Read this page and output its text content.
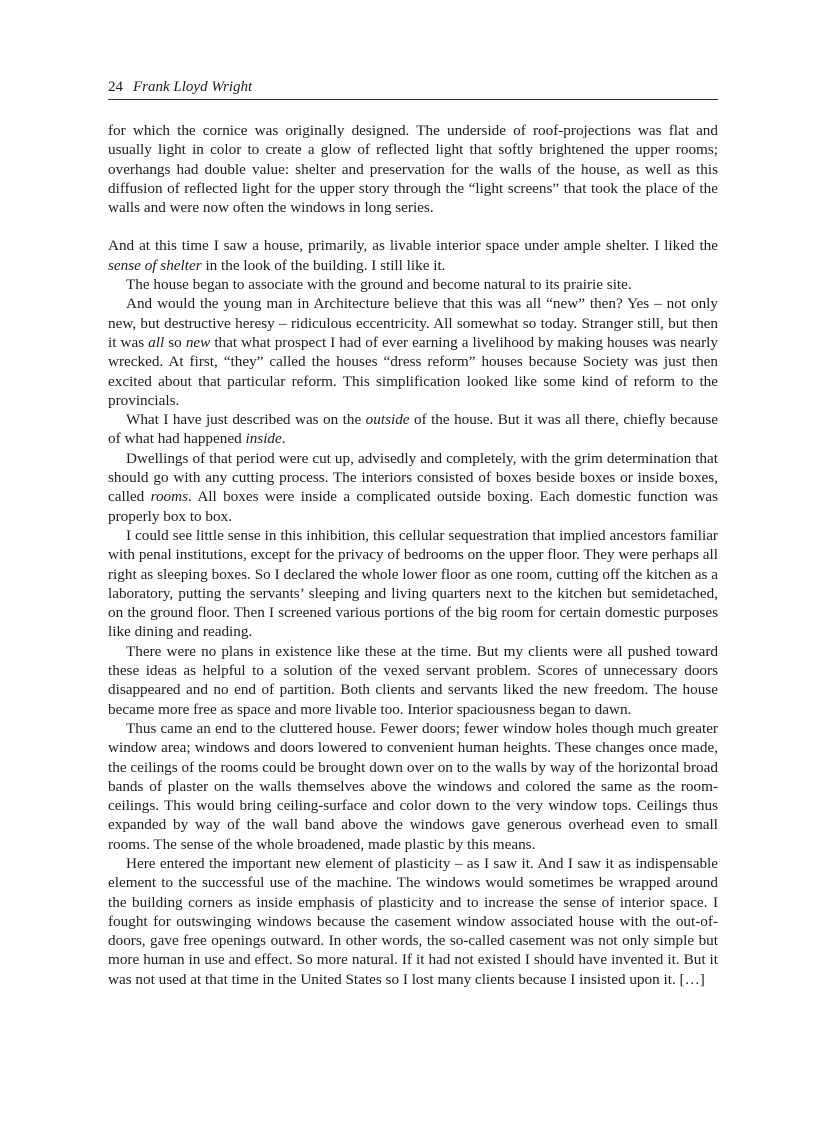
24 Frank Lloyd Wright

for which the cornice was originally designed. The underside of roof-projections was flat and usually light in color to create a glow of reflected light that softly brightened the upper rooms; overhangs had double value: shelter and preservation for the walls of the house, as well as this diffusion of reflected light for the upper story through the “light screens” that took the place of the walls and were now often the windows in long series.

And at this time I saw a house, primarily, as livable interior space under ample shelter. I liked the sense of shelter in the look of the building. I still like it.

The house began to associate with the ground and become natural to its prairie site.

And would the young man in Architecture believe that this was all “new” then? Yes – not only new, but destructive heresy – ridiculous eccentricity. All somewhat so today. Stranger still, but then it was all so new that what prospect I had of ever earning a livelihood by making houses was nearly wrecked. At first, “they” called the houses “dress reform” houses because Society was just then excited about that particular reform. This simplification looked like some kind of reform to the provincials.

What I have just described was on the outside of the house. But it was all there, chiefly because of what had happened inside.

Dwellings of that period were cut up, advisedly and completely, with the grim determination that should go with any cutting process. The interiors consisted of boxes beside boxes or inside boxes, called rooms. All boxes were inside a complicated outside boxing. Each domestic function was properly box to box.

I could see little sense in this inhibition, this cellular sequestration that implied ancestors familiar with penal institutions, except for the privacy of bedrooms on the upper floor. They were perhaps all right as sleeping boxes. So I declared the whole lower floor as one room, cutting off the kitchen as a laboratory, putting the servants’ sleeping and living quarters next to the kitchen but semidetached, on the ground floor. Then I screened various portions of the big room for certain domestic purposes like dining and reading.

There were no plans in existence like these at the time. But my clients were all pushed toward these ideas as helpful to a solution of the vexed servant problem. Scores of unnecessary doors disappeared and no end of partition. Both clients and servants liked the new freedom. The house became more free as space and more livable too. Interior spaciousness began to dawn.

Thus came an end to the cluttered house. Fewer doors; fewer window holes though much greater window area; windows and doors lowered to convenient human heights. These changes once made, the ceilings of the rooms could be brought down over on to the walls by way of the horizontal broad bands of plaster on the walls themselves above the windows and colored the same as the room-ceilings. This would bring ceiling-surface and color down to the very window tops. Ceilings thus expanded by way of the wall band above the windows gave generous overhead even to small rooms. The sense of the whole broadened, made plastic by this means.

Here entered the important new element of plasticity – as I saw it. And I saw it as indispensable element to the successful use of the machine. The windows would sometimes be wrapped around the building corners as inside emphasis of plasticity and to increase the sense of interior space. I fought for outswinging windows because the casement window associated house with the out-of-doors, gave free openings outward. In other words, the so-called casement was not only simple but more human in use and effect. So more natural. If it had not existed I should have invented it. But it was not used at that time in the United States so I lost many clients because I insisted upon it. […]
